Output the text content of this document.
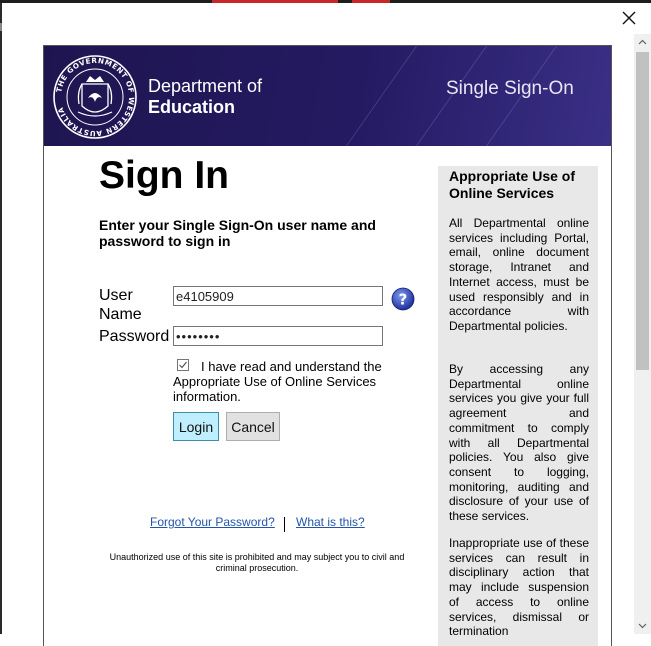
THE GOVERNMENT OF WESTERN AUSTRALIA
Department of
Education
Single Sign-On
Sign In
Enter your Single Sign-On user name and password to sign in
User Name
e4105909
?
Password
••••••••
I have read and understand the Appropriate Use of Online Services information.
Login	Cancel
Forgot Your Password? What is this?
Unauthorized use of this site is prohibited and may subject you to civil and criminal prosecution.
Appropriate Use of Online Services
All Departmental online services including Portal, email, online document storage, Intranet and Internet access, must be used responsibly and in accordance with Departmental policies.
By accessing any Departmental online services you give your full agreement and commitment to comply with all Departmental policies. You also give consent to logging, monitoring, auditing and disclosure of your use of these services.
Inappropriate use of these services can result in disciplinary action that may include suspension of access to online services, dismissal or termination
